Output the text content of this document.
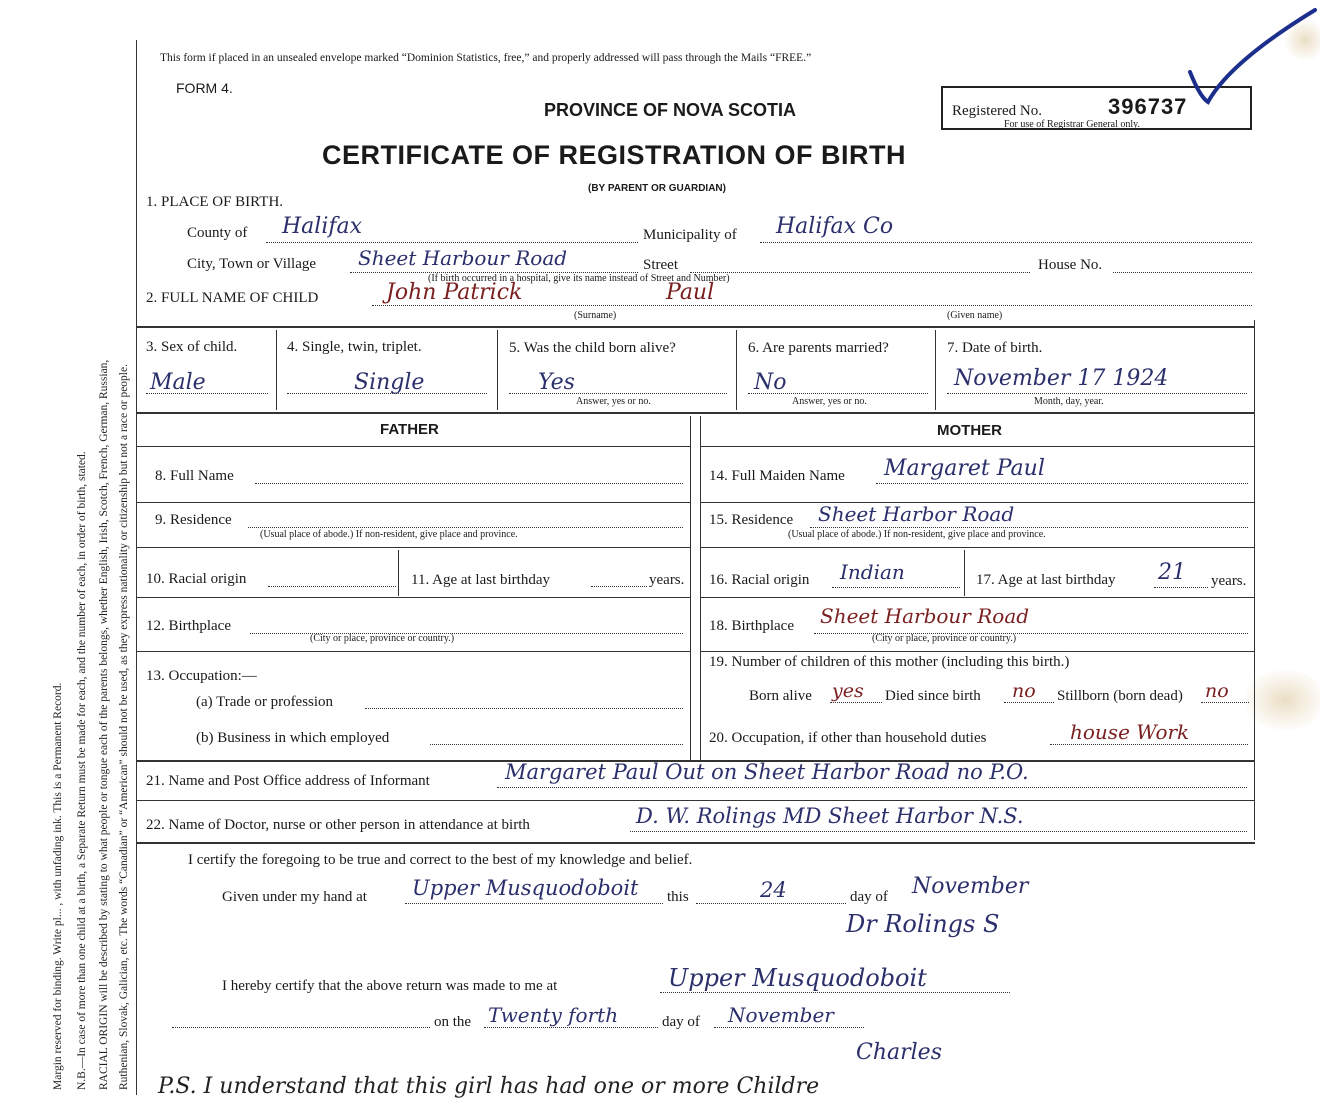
Margin reserved for binding. Write pl... , with unfading ink. This is a Permanent Record. N.B.—In case of more than one child at a birth, a Separate Return must be made for each, and the number of each, in order of birth, stated. RACIAL ORIGIN will be described by stating to what people or tongue each of the parents belongs, whether English, Irish, Scotch, French, German, Russian, Ruthenian, Slovak, Galician, etc. The words “Canadian” or “American” should not be used, as they express nationality or citizenship but not a race or people.
This form if placed in an unsealed envelope marked “Dominion Statistics, free,” and properly addressed will pass through the Mails “FREE.”
FORM 4.
PROVINCE OF NOVA SCOTIA	Registered No.	396737
For use of Registrar General only.
CERTIFICATE OF REGISTRATION OF BIRTH
(BY PARENT OR GUARDIAN)
1. PLACE OF BIRTH.
County of Halifax	Municipality of Halifax Co
City, Town or Village Sheet Harbour Road	Street	House No.
(If birth occurred in a hospital, give its name instead of Street and Number)
2. FULL NAME OF CHILD	John Patrick	Paul
(Surname)	(Given name)
3. Sex of child.
Male
4. Single, twin, triplet.
Single
5. Was the child born alive?
Yes
Answer, yes or no.
6. Are parents married?
No
Answer, yes or no.
7. Date of birth.
November 17 1924
Month, day, year.
FATHER	MOTHER
8. Full Name
9. Residence
(Usual place of abode.) If non-resident, give place and province.
10. Racial origin	11. Age at last birthday	years.
12. Birthplace
(City or place, province or country.)
13. Occupation:—
(a) Trade or profession
(b) Business in which employed
14. Full Maiden Name Margaret Paul
15. Residence Sheet Harbor Road
(Usual place of abode.) If non-resident, give place and province.
16. Racial origin Indian	17. Age at last birthday 21 years.
18. Birthplace Sheet Harbour Road
(City or place, province or country.)
19. Number of children of this mother (including this birth.)
Born alive yes Died since birth no Stillborn (born dead) no
20. Occupation, if other than household duties	house Work
21. Name and Post Office address of Informant	Margaret Paul Out on Sheet Harbor Road no P.O.
22. Name of Doctor, nurse or other person in attendance at birth	D. W. Rolings MD Sheet Harbor N.S.
I certify the foregoing to be true and correct to the best of my knowledge and belief.
Given under my hand at Upper Musquodoboit this	24	day of November
Dr Rolings S
I hereby certify that the above return was made to me at	Upper Musquodoboit
on the Twenty forth	day of November
Charles
P.S. I understand that this girl has had one or more Childre
